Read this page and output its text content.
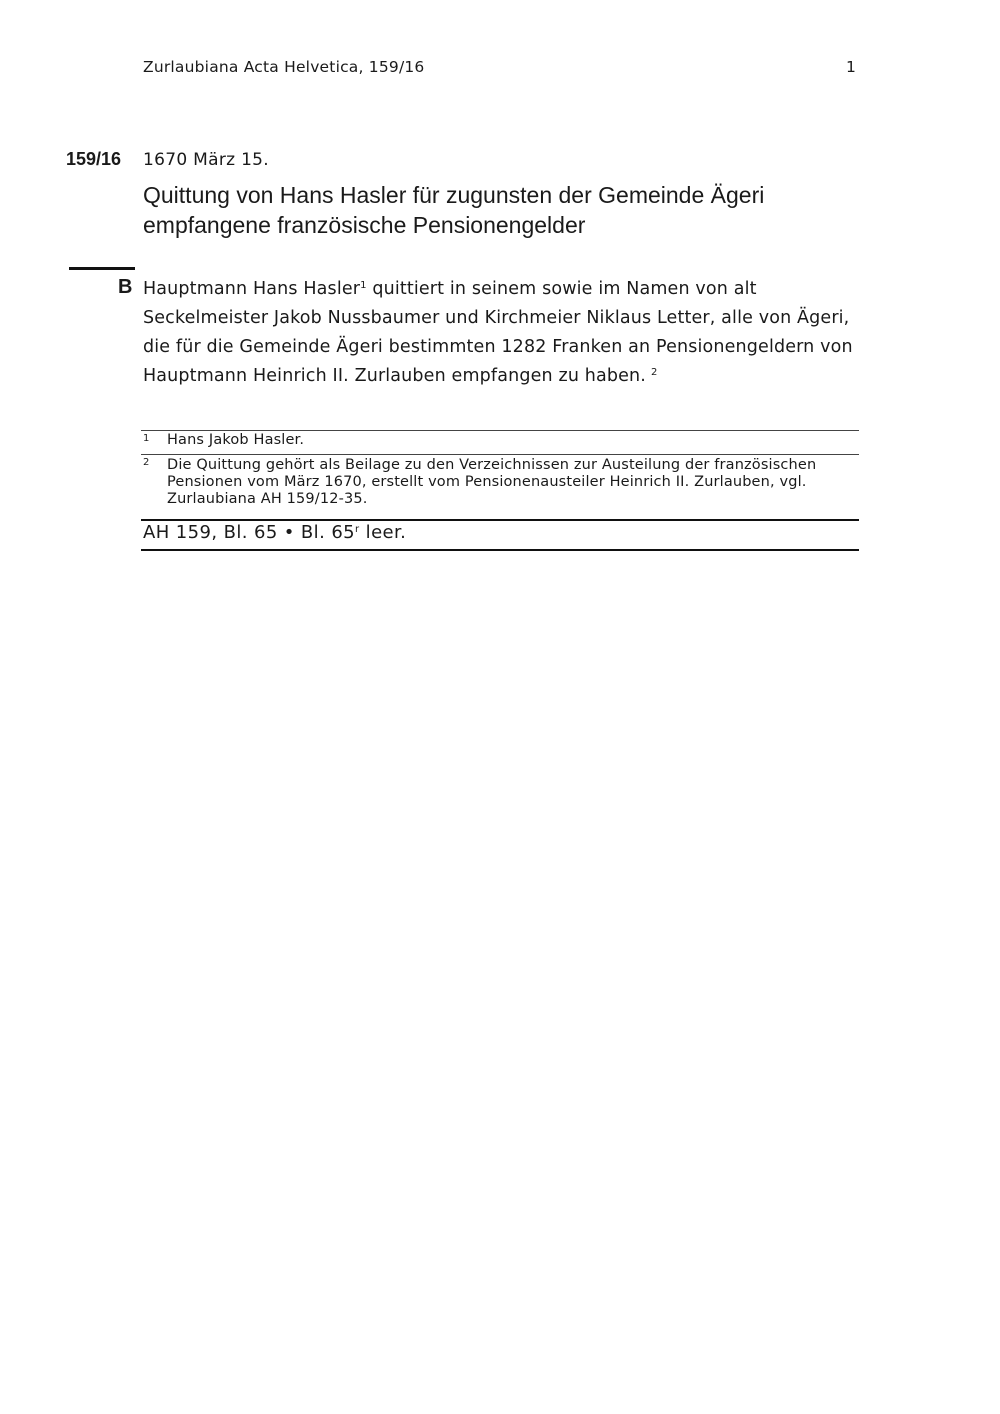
Zurlaubiana Acta Helvetica, 159/16	1
159/16 1670 März 15.
Quittung von Hans Hasler für zugunsten der Gemeinde Ägeri empfangene französische Pensionengelder
B Hauptmann Hans Hasler$^1$ quittiert in seinem sowie im Namen von alt Seckelmeister Jakob Nussbaumer und Kirchmeier Niklaus Letter, alle von Ägeri, die für die Gemeinde Ägeri bestimmten 1282 Franken an Pensionengeldern von Hauptmann Heinrich II. Zurlauben empfangen zu haben. $^2$
1 Hans Jakob Hasler.
2 Die Quittung gehört als Beilage zu den Verzeichnissen zur Austeilung der französischen Pensionen vom März 1670, erstellt vom Pensionenausteiler Heinrich II. Zurlauben, vgl. Zurlaubiana AH 159/12-35.
AH 159, Bl. 65 • Bl. 65$^r$ leer.
